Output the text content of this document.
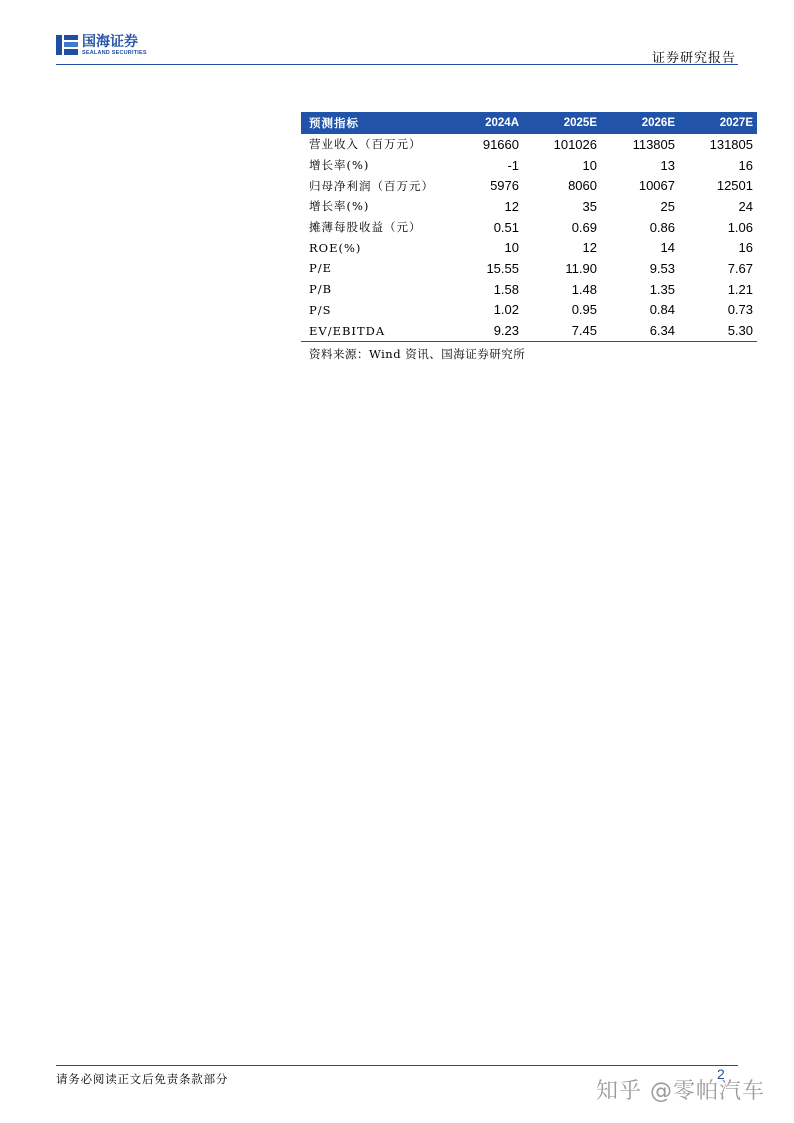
国海证券
SEALAND SECURITIES	证券研究报告
预测指标	2024A	2025E	2026E	2027E
营业收入（百万元）	91660	101026	113805	131805
增长率(%)	-1	10	13	16
归母净利润（百万元）	5976	8060	10067	12501
增长率(%)	12	35	25	24
摊薄每股收益（元）	0.51	0.69	0.86	1.06
ROE(%)	10	12	14	16
P/E	15.55	11.90	9.53	7.67
P/B	1.58	1.48	1.35	1.21
P/S	1.02	0.95	0.84	0.73
EV/EBITDA	9.23	7.45	6.34	5.30
资料来源：Wind 资讯、国海证券研究所
请务必阅读正文后免责条款部分	2
知乎 @零帕汽车
